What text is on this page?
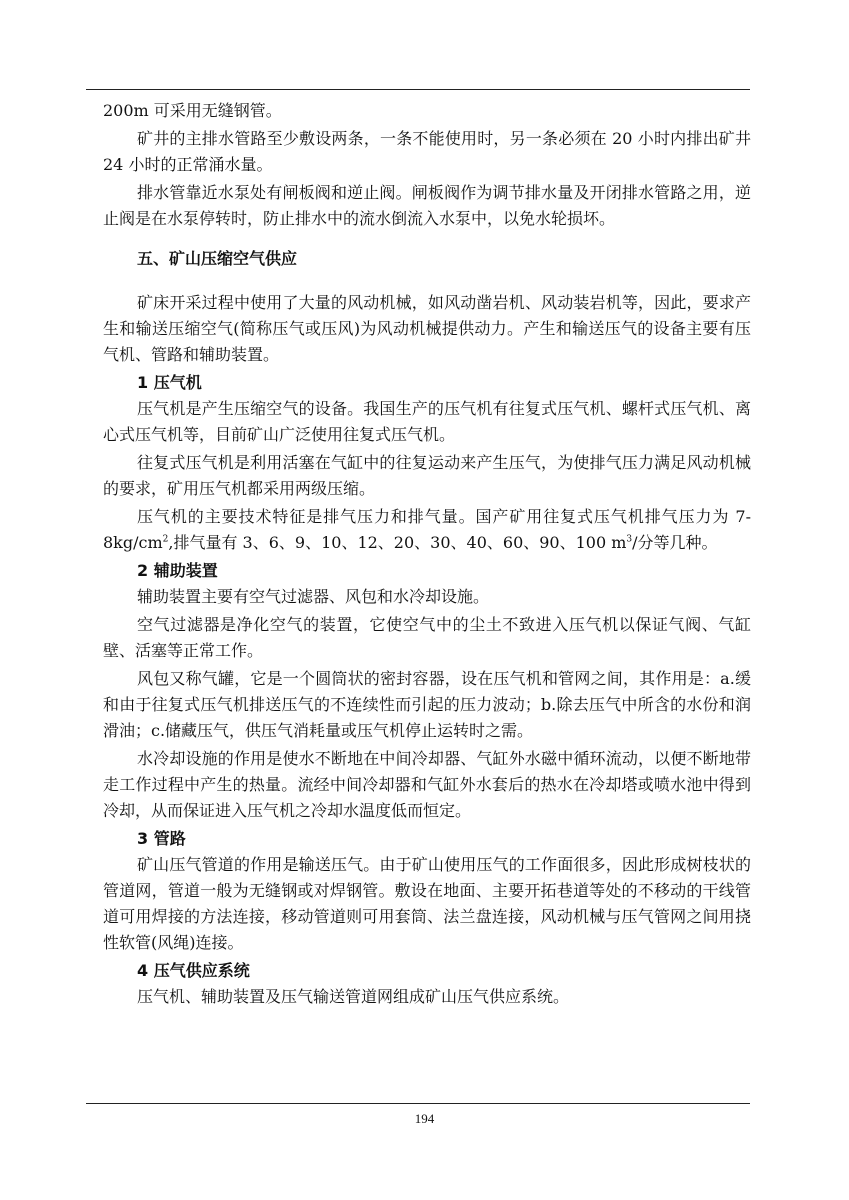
200m 可采用无缝钢管。

矿井的主排水管路至少敷设两条，一条不能使用时，另一条必须在 20 小时内排出矿井 24 小时的正常涌水量。

排水管靠近水泵处有闸板阀和逆止阀。闸板阀作为调节排水量及开闭排水管路之用，逆止阀是在水泵停转时，防止排水中的流水倒流入水泵中，以免水轮损坏。

五、矿山压缩空气供应

矿床开采过程中使用了大量的风动机械，如风动凿岩机、风动装岩机等，因此，要求产生和输送压缩空气(简称压气或压风)为风动机械提供动力。产生和输送压气的设备主要有压气机、管路和辅助装置。

1 压气机

压气机是产生压缩空气的设备。我国生产的压气机有往复式压气机、螺杆式压气机、离心式压气机等，目前矿山广泛使用往复式压气机。

往复式压气机是利用活塞在气缸中的往复运动来产生压气，为使排气压力满足风动机械的要求，矿用压气机都采用两级压缩。

压气机的主要技术特征是排气压力和排气量。国产矿用往复式压气机排气压力为 $7-8kg/cm^2$,排气量有 3、6、9、10、12、20、30、40、60、90、100 $m^3/$分等几种。

2 辅助装置

辅助装置主要有空气过滤器、风包和水冷却设施。

空气过滤器是净化空气的装置，它使空气中的尘土不致进入压气机以保证气阀、气缸壁、活塞等正常工作。

风包又称气罐，它是一个圆筒状的密封容器，设在压气机和管网之间，其作用是：a.缓和由于往复式压气机排送压气的不连续性而引起的压力波动；b.除去压气中所含的水份和润滑油；c.储藏压气，供压气消耗量或压气机停止运转时之需。

水冷却设施的作用是使水不断地在中间冷却器、气缸外水磁中循环流动，以便不断地带走工作过程中产生的热量。流经中间冷却器和气缸外水套后的热水在冷却塔或喷水池中得到冷却，从而保证进入压气机之冷却水温度低而恒定。

3 管路

矿山压气管道的作用是输送压气。由于矿山使用压气的工作面很多，因此形成树枝状的管道网，管道一般为无缝钢或对焊钢管。敷设在地面、主要开拓巷道等处的不移动的干线管道可用焊接的方法连接，移动管道则可用套筒、法兰盘连接，风动机械与压气管网之间用挠性软管(风绳)连接。

4 压气供应系统

压气机、辅助装置及压气输送管道网组成矿山压气供应系统。

194
